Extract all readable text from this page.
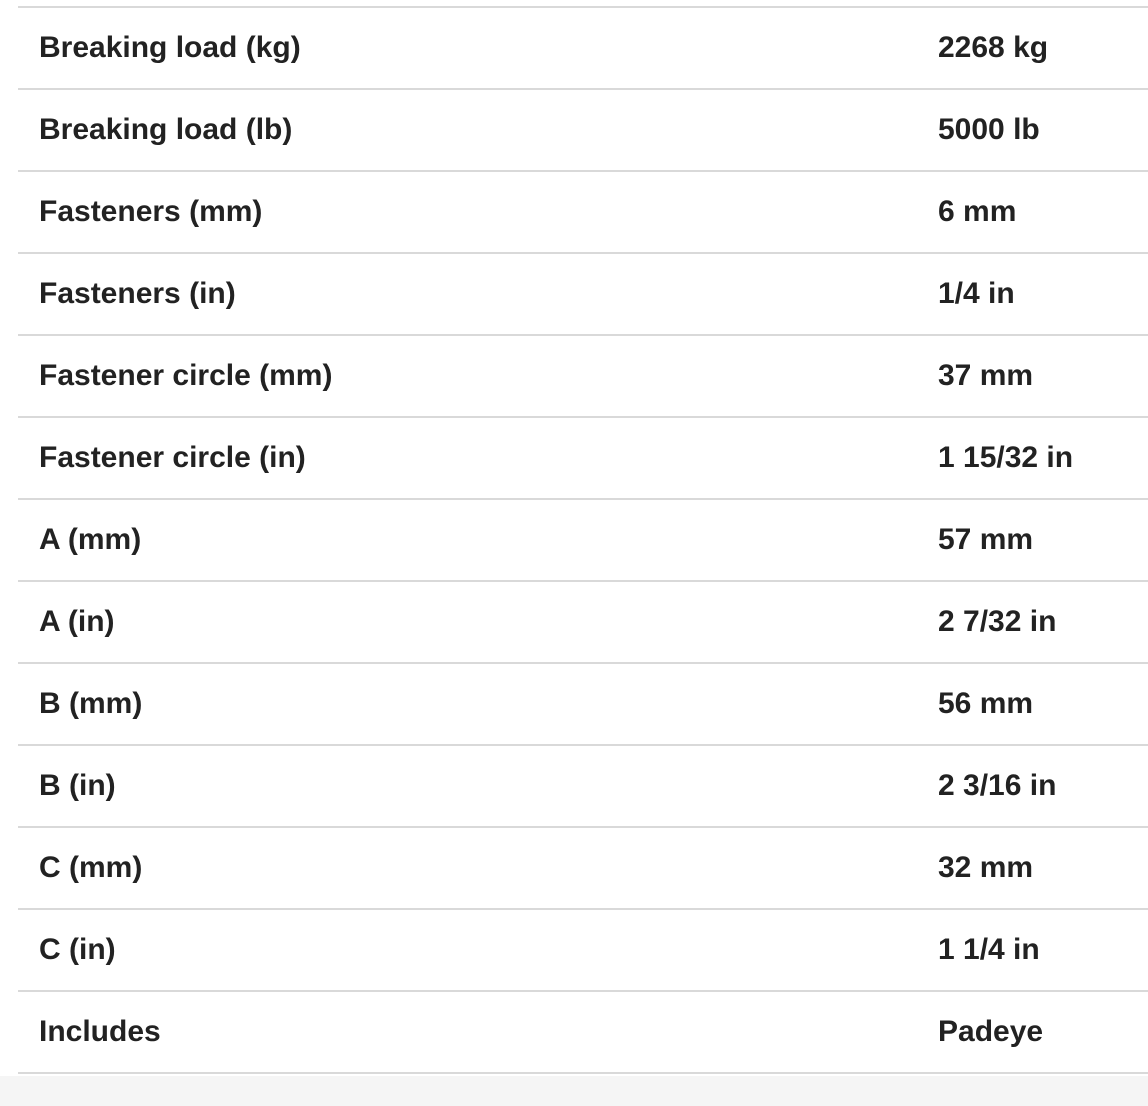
Breaking load (kg)	2268 kg
Breaking load (lb)	5000 lb
Fasteners (mm)	6 mm
Fasteners (in)	1/4 in
Fastener circle (mm)	37 mm
Fastener circle (in)	1 15/32 in
A (mm)	57 mm
A (in)	2 7/32 in
B (mm)	56 mm
B (in)	2 3/16 in
C (mm)	32 mm
C (in)	1 1/4 in
Includes	Padeye
